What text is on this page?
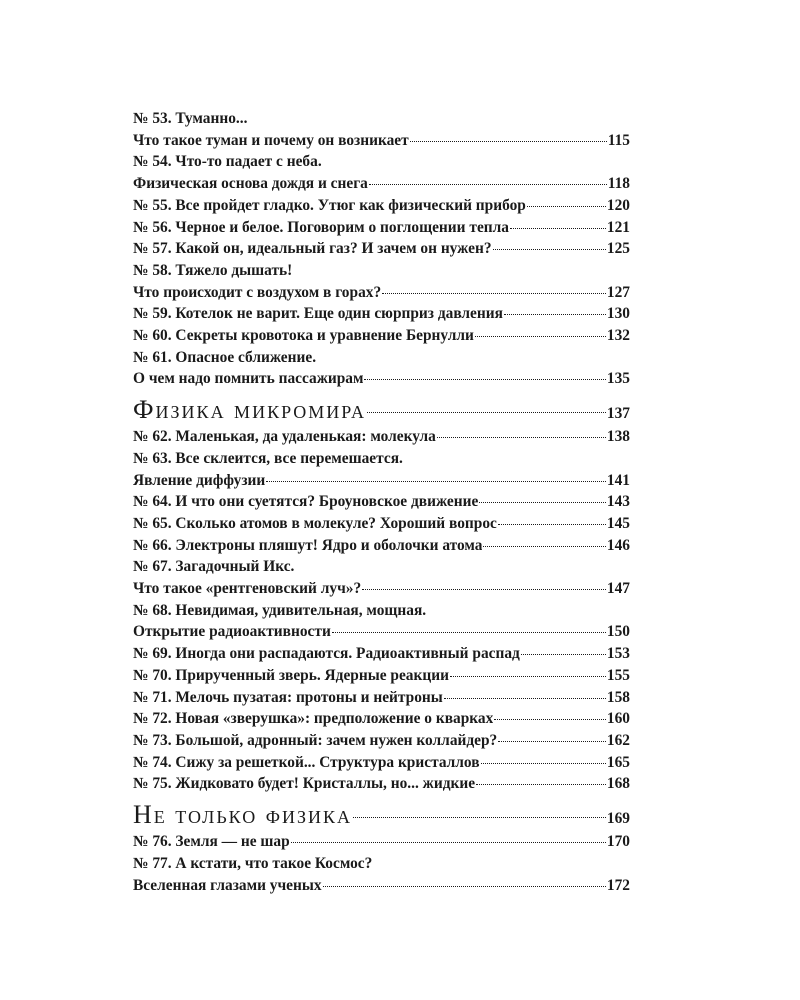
№ 53. Туманно...
Что такое туман и почему он возникает	115
№ 54. Что-то падает с неба.
Физическая основа дождя и снега	118
№ 55. Все пройдет гладко. Утюг как физический прибор	120
№ 56. Черное и белое. Поговорим о поглощении тепла	121
№ 57. Какой он, идеальный газ? И зачем он нужен?	125
№ 58. Тяжело дышать!
Что происходит с воздухом в горах?	127
№ 59. Котелок не варит. Еще один сюрприз давления	130
№ 60. Секреты кровотока и уравнение Бернулли	132
№ 61. Опасное сближение.
О чем надо помнить пассажирам	135
Физика микромира	137
№ 62. Маленькая, да удаленькая: молекула	138
№ 63. Все склеится, все перемешается.
Явление диффузии	141
№ 64. И что они суетятся? Броуновское движение	143
№ 65. Сколько атомов в молекуле? Хороший вопрос	145
№ 66. Электроны пляшут! Ядро и оболочки атома	146
№ 67. Загадочный Икс.
Что такое «рентгеновский луч»?	147
№ 68. Невидимая, удивительная, мощная.
Открытие радиоактивности	150
№ 69. Иногда они распадаются. Радиоактивный распад	153
№ 70. Прирученный зверь. Ядерные реакции	155
№ 71. Мелочь пузатая: протоны и нейтроны	158
№ 72. Новая «зверушка»: предположение о кварках	160
№ 73. Большой, адронный: зачем нужен коллайдер?	162
№ 74. Сижу за решеткой... Структура кристаллов	165
№ 75. Жидковато будет! Кристаллы, но... жидкие	168
Не только физика	169
№ 76. Земля — не шар	170
№ 77. А кстати, что такое Космос?
Вселенная глазами ученых	172
